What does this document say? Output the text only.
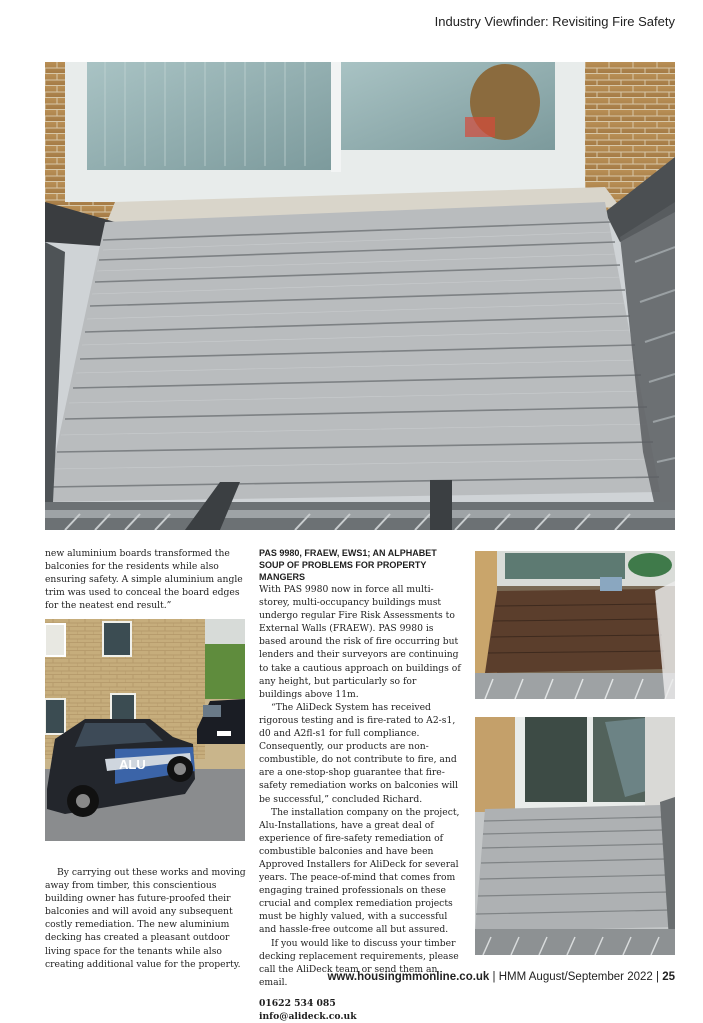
Industry Viewfinder: Revisiting Fire Safety

new aluminium boards transformed the balconies for the residents while also ensuring safety. A simple aluminium angle trim was used to conceal the board edges for the neatest end result.”

ALU

By carrying out these works and moving away from timber, this conscientious building owner has future-proofed their balconies and will avoid any subsequent costly remediation. The new aluminium decking has created a pleasant outdoor living space for the tenants while also creating additional value for the property.

PAS 9980, FRAEW, EWS1; AN ALPHABET SOUP OF PROBLEMS FOR PROPERTY MANGERS

With PAS 9980 now in force all multi-storey, multi-occupancy buildings must undergo regular Fire Risk Assessments to External Walls (FRAEW). PAS 9980 is based around the risk of fire occurring but lenders and their surveyors are continuing to take a cautious approach on buildings of any height, but particularly so for buildings above 11m.

“The AliDeck System has received rigorous testing and is fire-rated to A2-s1, d0 and A2fl-s1 for full compliance. Consequently, our products are non-combustible, do not contribute to fire, and are a one-stop-shop guarantee that fire-safety remediation works on balconies will be successful,” concluded Richard.

The installation company on the project, Alu-Installations, have a great deal of experience of fire-safety remediation of combustible balconies and have been Approved Installers for AliDeck for several years. The peace-of-mind that comes from engaging trained professionals on these crucial and complex remediation projects must be highly valued, with a successful and hassle-free outcome all but assured.

If you would like to discuss your timber decking replacement requirements, please call the AliDeck team or send them an email.

01622 534 085

info@alideck.co.uk

www.housingmmonline.co.uk | HMM August/September 2022 | 25
